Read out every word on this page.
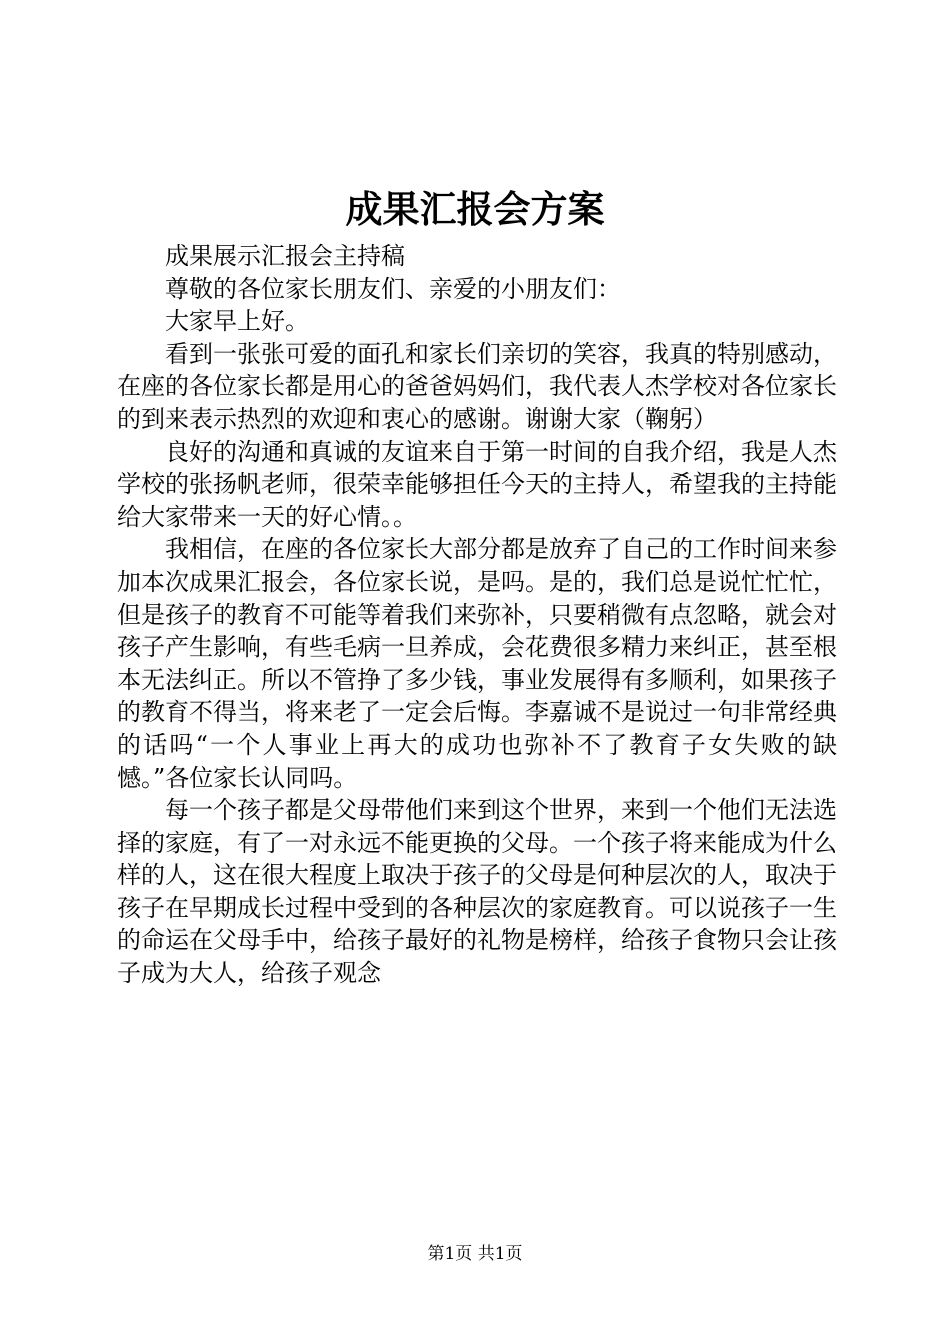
成果汇报会方案

成果展示汇报会主持稿

尊敬的各位家长朋友们、亲爱的小朋友们：

大家早上好。

看到一张张可爱的面孔和家长们亲切的笑容，我真的特别感动，在座的各位家长都是用心的爸爸妈妈们，我代表人杰学校对各位家长的到来表示热烈的欢迎和衷心的感谢。谢谢大家（鞠躬）

良好的沟通和真诚的友谊来自于第一时间的自我介绍，我是人杰学校的张扬帆老师，很荣幸能够担任今天的主持人，希望我的主持能给大家带来一天的好心情。。

我相信，在座的各位家长大部分都是放弃了自己的工作时间来参加本次成果汇报会，各位家长说，是吗。是的，我们总是说忙忙忙，但是孩子的教育不可能等着我们来弥补，只要稍微有点忽略，就会对孩子产生影响，有些毛病一旦养成，会花费很多精力来纠正，甚至根本无法纠正。所以不管挣了多少钱，事业发展得有多顺利，如果孩子的教育不得当，将来老了一定会后悔。李嘉诚不是说过一句非常经典的话吗“一个人事业上再大的成功也弥补不了教育子女失败的缺憾。”各位家长认同吗。

每一个孩子都是父母带他们来到这个世界，来到一个他们无法选择的家庭，有了一对永远不能更换的父母。一个孩子将来能成为什么样的人，这在很大程度上取决于孩子的父母是何种层次的人，取决于孩子在早期成长过程中受到的各种层次的家庭教育。可以说孩子一生的命运在父母手中，给孩子最好的礼物是榜样，给孩子食物只会让孩子成为大人，给孩子观念

第1页 共1页
